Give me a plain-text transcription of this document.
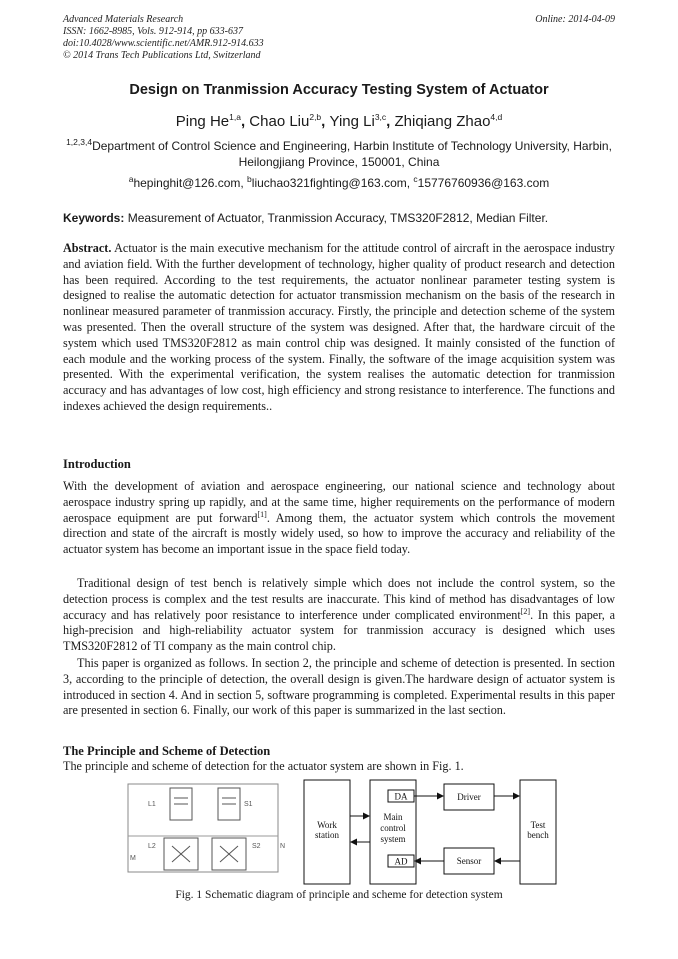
Advanced Materials Research
ISSN: 1662-8985, Vols. 912-914, pp 633-637
doi:10.4028/www.scientific.net/AMR.912-914.633
© 2014 Trans Tech Publications Ltd, Switzerland
Online: 2014-04-09
Design on Tranmission Accuracy Testing System of Actuator
Ping He$^{1,a}$, Chao Liu$^{2,b}$, Ying Li$^{3,c}$, Zhiqiang Zhao$^{4,d}$
$^{1,2,3,4}$Department of Control Science and Engineering, Harbin Institute of Technology University, Harbin, Heilongjiang Province, 150001, China
$^a$hepinghit@126.com, $^b$liuchao321fighting@163.com, $^c$15776760936@163.com
Keywords: Measurement of Actuator, Tranmission Accuracy, TMS320F2812, Median Filter.
Abstract. Actuator is the main executive mechanism for the attitude control of aircraft in the aerospace industry and aviation field. With the further development of technology, higher quality of product research and detection has been required. According to the test requirements, the actuator nonlinear parameter testing system is designed to realise the automatic detection for actuator transmission mechanism on the basis of the research in nonlinear measured parameter of tranmission accuracy. Firstly, the principle and detection scheme of the system was presented. Then the overall structure of the system was designed. After that, the hardware circuit of the system which used TMS320F2812 as main control chip was designed. It mainly consisted of the function of each module and the working process of the system. Finally, the software of the image acquisition system was presented. With the experimental verification, the system realises the automatic detection for tranmission accuracy and has advantages of low cost, high efficiency and strong resistance to interference. The functions and indexes achieved the design requirements..
Introduction
With the development of aviation and aerospace engineering, our national science and technology about aerospace industry spring up rapidly, and at the same time, higher requirements on the performance of modern aerospace equipment are put forward[1]. Among them, the actuator system which controls the movement direction and state of the aircraft is mostly widely used, so how to improve the accuracy and reliability of the actuator system has become an important issue in the space field today.
Traditional design of test bench is relatively simple which does not include the control system, so the detection process is complex and the test results are inaccurate. This kind of method has disadvantages of low accuracy and has relatively poor resistance to interference under complicated environment[2]. In this paper, a high-precision and high-reliability actuator system for tranmission accuracy is designed which uses TMS320F2812 of TI company as the main control chip.
This paper is organized as follows. In section 2, the principle and scheme of detection is presented. In section 3, according to the principle of detection, the overall design is given.The hardware design of actuator system is introduced in section 4. And in section 5, software programming is completed. Experimental results in this paper are presented in section 6. Finally, our work of this paper is summarized in the last section.
The Principle and Scheme of Detection
The principle and scheme of detection for the actuator system are shown in Fig. 1.
L1	S1
L2	S2
M
N
Work
station
Main
control
system
DA
AD
Driver
Sensor
Test
bench
Fig. 1 Schematic diagram of principle and scheme for detection system
